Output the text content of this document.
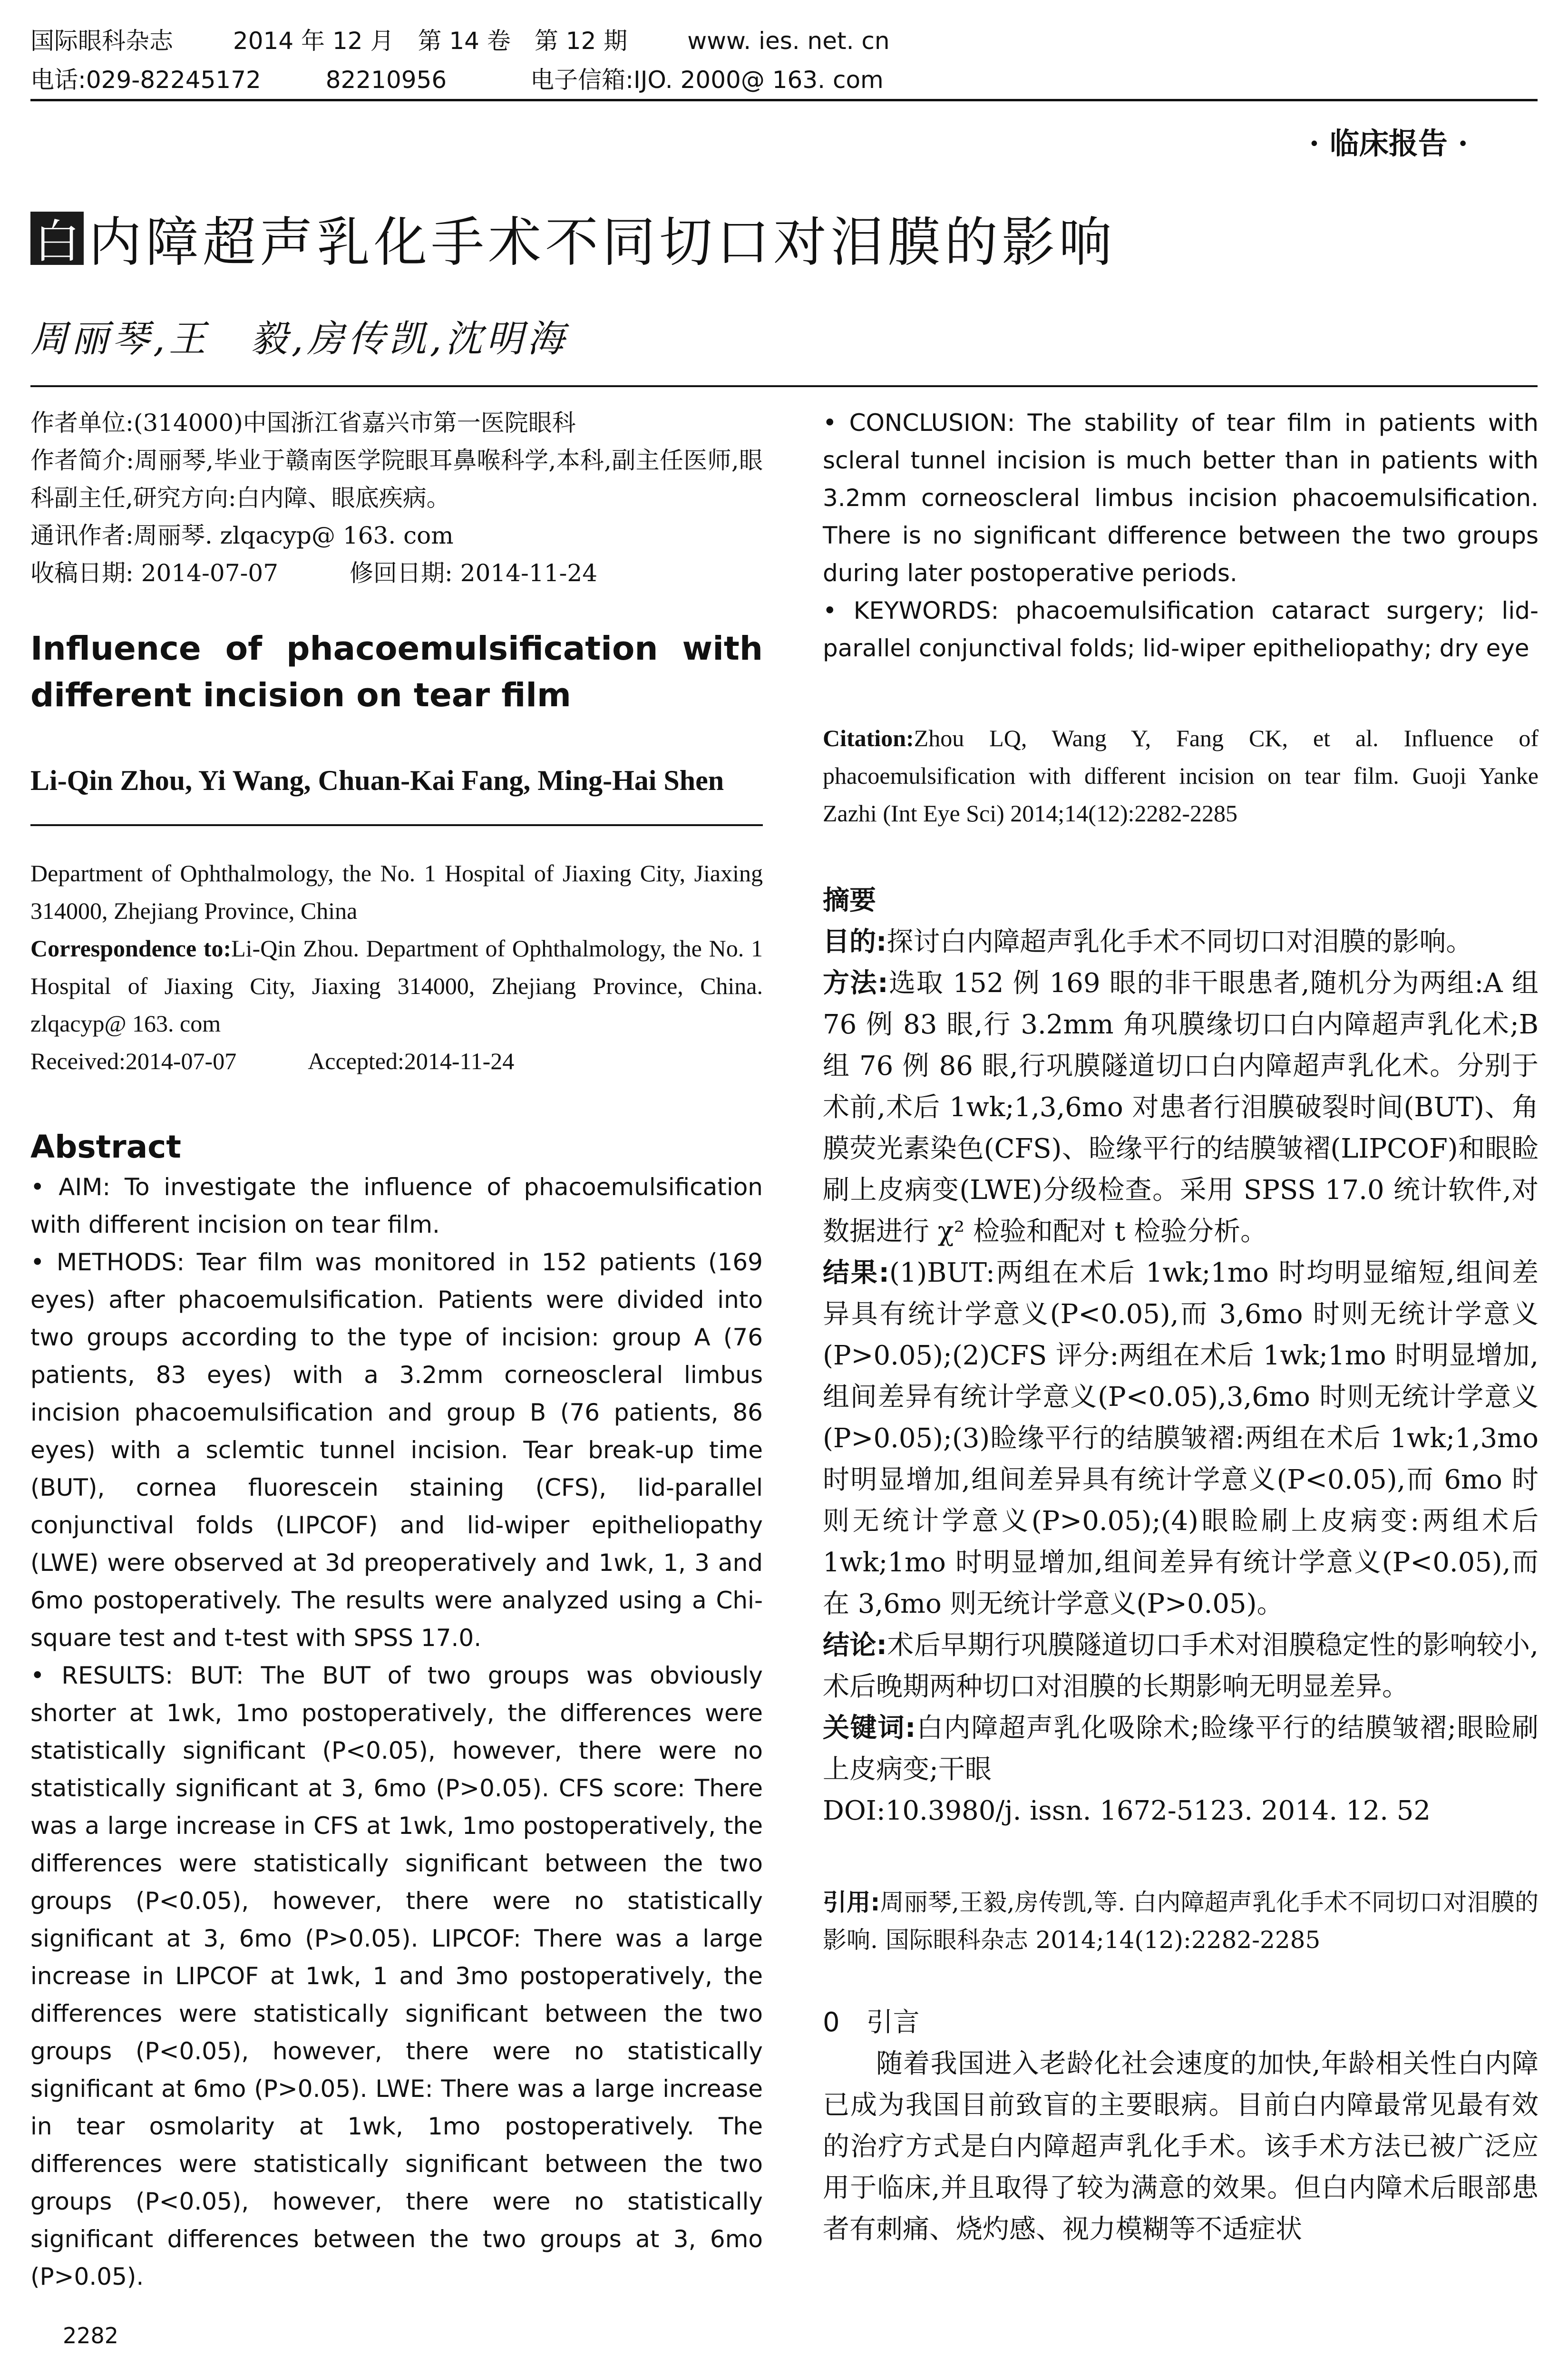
国际眼科杂志	2014 年 12 月　第 14 卷　第 12 期	www. ies. net. cn
电话:029-82245172	82210956	电子信箱:IJO. 2000@ 163. com
· 临床报告 ·
白 内障超声乳化手术不同切口对泪膜的影响
周丽琴,王　毅,房传凯,沈明海
作者单位:(314000)中国浙江省嘉兴市第一医院眼科
作者简介:周丽琴,毕业于赣南医学院眼耳鼻喉科学,本科,副主任医师,眼科副主任,研究方向:白内障、眼底疾病。
通讯作者:周丽琴. zlqacyp@ 163. com
收稿日期: 2014-07-07　　　修回日期: 2014-11-24
Influence of phacoemulsification with different incision on tear film
Li-Qin Zhou, Yi Wang, Chuan-Kai Fang, Ming-Hai Shen
Department of Ophthalmology, the No. 1 Hospital of Jiaxing City, Jiaxing 314000, Zhejiang Province, China
Correspondence to:Li-Qin Zhou. Department of Ophthalmology, the No. 1 Hospital of Jiaxing City, Jiaxing 314000, Zhejiang Province, China. zlqacyp@ 163. com
Received:2014-07-07　　　Accepted:2014-11-24
Abstract
• AIM: To investigate the influence of phacoemulsification with different incision on tear film.
• METHODS: Tear film was monitored in 152 patients (169 eyes) after phacoemulsification. Patients were divided into two groups according to the type of incision: group A (76 patients, 83 eyes) with a 3.2mm corneoscleral limbus incision phacoemulsification and group B (76 patients, 86 eyes) with a sclemtic tunnel incision. Tear break-up time (BUT), cornea fluorescein staining (CFS), lid-parallel conjunctival folds (LIPCOF) and lid-wiper epitheliopathy (LWE) were observed at 3d preoperatively and 1wk, 1, 3 and 6mo postoperatively. The results were analyzed using a Chi-square test and t-test with SPSS 17.0.
• RESULTS: BUT: The BUT of two groups was obviously shorter at 1wk, 1mo postoperatively, the differences were statistically significant (P<0.05), however, there were no statistically significant at 3, 6mo (P>0.05). CFS score: There was a large increase in CFS at 1wk, 1mo postoperatively, the differences were statistically significant between the two groups (P<0.05), however, there were no statistically significant at 3, 6mo (P>0.05). LIPCOF: There was a large increase in LIPCOF at 1wk, 1 and 3mo postoperatively, the differences were statistically significant between the two groups (P<0.05), however, there were no statistically significant at 6mo (P>0.05). LWE: There was a large increase in tear osmolarity at 1wk, 1mo postoperatively. The differences were statistically significant between the two groups (P<0.05), however, there were no statistically significant differences between the two groups at 3, 6mo (P>0.05).
• CONCLUSION: The stability of tear film in patients with scleral tunnel incision is much better than in patients with 3.2mm corneoscleral limbus incision phacoemulsification. There is no significant difference between the two groups during later postoperative periods.
• KEYWORDS: phacoemulsification cataract surgery; lid-parallel conjunctival folds; lid-wiper epitheliopathy; dry eye
Citation:Zhou LQ, Wang Y, Fang CK, et al. Influence of phacoemulsification with different incision on tear film. Guoji Yanke Zazhi (Int Eye Sci) 2014;14(12):2282-2285
摘要
目的:探讨白内障超声乳化手术不同切口对泪膜的影响。
方法:选取 152 例 169 眼的非干眼患者,随机分为两组:A 组 76 例 83 眼,行 3.2mm 角巩膜缘切口白内障超声乳化术;B 组 76 例 86 眼,行巩膜隧道切口白内障超声乳化术。分别于术前,术后 1wk;1,3,6mo 对患者行泪膜破裂时间(BUT)、角膜荧光素染色(CFS)、睑缘平行的结膜皱褶(LIPCOF)和眼睑刷上皮病变(LWE)分级检查。采用 SPSS 17.0 统计软件,对数据进行 χ² 检验和配对 t 检验分析。
结果:(1)BUT:两组在术后 1wk;1mo 时均明显缩短,组间差异具有统计学意义(P<0.05),而 3,6mo 时则无统计学意义(P>0.05);(2)CFS 评分:两组在术后 1wk;1mo 时明显增加,组间差异有统计学意义(P<0.05),3,6mo 时则无统计学意义(P>0.05);(3)睑缘平行的结膜皱褶:两组在术后 1wk;1,3mo 时明显增加,组间差异具有统计学意义(P<0.05),而 6mo 时则无统计学意义(P>0.05);(4)眼睑刷上皮病变:两组术后 1wk;1mo 时明显增加,组间差异有统计学意义(P<0.05),而在 3,6mo 则无统计学意义(P>0.05)。
结论:术后早期行巩膜隧道切口手术对泪膜稳定性的影响较小,术后晚期两种切口对泪膜的长期影响无明显差异。
关键词:白内障超声乳化吸除术;睑缘平行的结膜皱褶;眼睑刷上皮病变;干眼
DOI:10.3980/j. issn. 1672-5123. 2014. 12. 52
引用:周丽琴,王毅,房传凯,等. 白内障超声乳化手术不同切口对泪膜的影响. 国际眼科杂志 2014;14(12):2282-2285
0　引言
随着我国进入老龄化社会速度的加快,年龄相关性白内障已成为我国目前致盲的主要眼病。目前白内障最常见最有效的治疗方式是白内障超声乳化手术。该手术方法已被广泛应用于临床,并且取得了较为满意的效果。但白内障术后眼部患者有刺痛、烧灼感、视力模糊等不适症状
2282
